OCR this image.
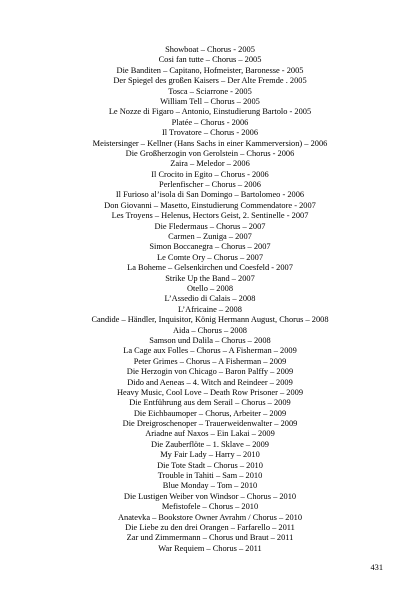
Showboat – Chorus - 2005
Cosi fan tutte – Chorus – 2005
Die Banditen – Capitano, Hofmeister, Baronesse - 2005
Der Spiegel des großen Kaisers – Der Alte Fremde . 2005
Tosca – Sciarrone - 2005
William Tell – Chorus – 2005
Le Nozze di Figaro – Antonio, Einstudierung Bartolo - 2005
Platée – Chorus - 2006
Il Trovatore – Chorus - 2006
Meistersinger – Kellner (Hans Sachs in einer Kammerversion) – 2006
Die Großherzogin von Gerolstein – Chorus - 2006
Zaira – Meledor – 2006
Il Crocito in Egito – Chorus - 2006
Perlenfischer – Chorus – 2006
Il Furioso al’isola di San Domingo – Bartolomeo - 2006
Don Giovanni – Masetto, Einstudierung Commendatore - 2007
Les Troyens – Helenus, Hectors Geist, 2. Sentinelle - 2007
Die Fledermaus – Chorus – 2007
Carmen – Zuniga – 2007
Simon Boccanegra – Chorus – 2007
Le Comte Ory – Chorus – 2007
La Boheme – Gelsenkirchen und Coesfeld - 2007
Strike Up the Band – 2007
Otello – 2008
L’Assedio di Calais – 2008
L’Africaine – 2008
Candide – Händler, Inquisitor, König Hermann August, Chorus – 2008
Aida – Chorus – 2008
Samson und Dalila – Chorus – 2008
La Cage aux Folles – Chorus – A Fisherman – 2009
Peter Grimes – Chorus – A Fisherman – 2009
Die Herzogin von Chicago – Baron Palffy – 2009
Dido and Aeneas – 4. Witch and Reindeer – 2009
Heavy Music, Cool Love – Death Row Prisoner – 2009
Die Entführung aus dem Serail – Chorus – 2009
Die Eichbaumoper – Chorus, Arbeiter – 2009
Die Dreigroschenoper – Trauerweidenwalter – 2009
Ariadne auf Naxos – Ein Lakai – 2009
Die Zauberflöte – 1. Sklave – 2009
My Fair Lady – Harry – 2010
Die Tote Stadt – Chorus – 2010
Trouble in Tahiti – Sam – 2010
Blue Monday – Tom – 2010
Die Lustigen Weiber von Windsor – Chorus – 2010
Mefistofele – Chorus – 2010
Anatevka – Bookstore Owner Avrahm / Chorus – 2010
Die Liebe zu den drei Orangen – Farfarello – 2011
Zar und Zimmermann – Chorus und Braut – 2011
War Requiem – Chorus – 2011
431
